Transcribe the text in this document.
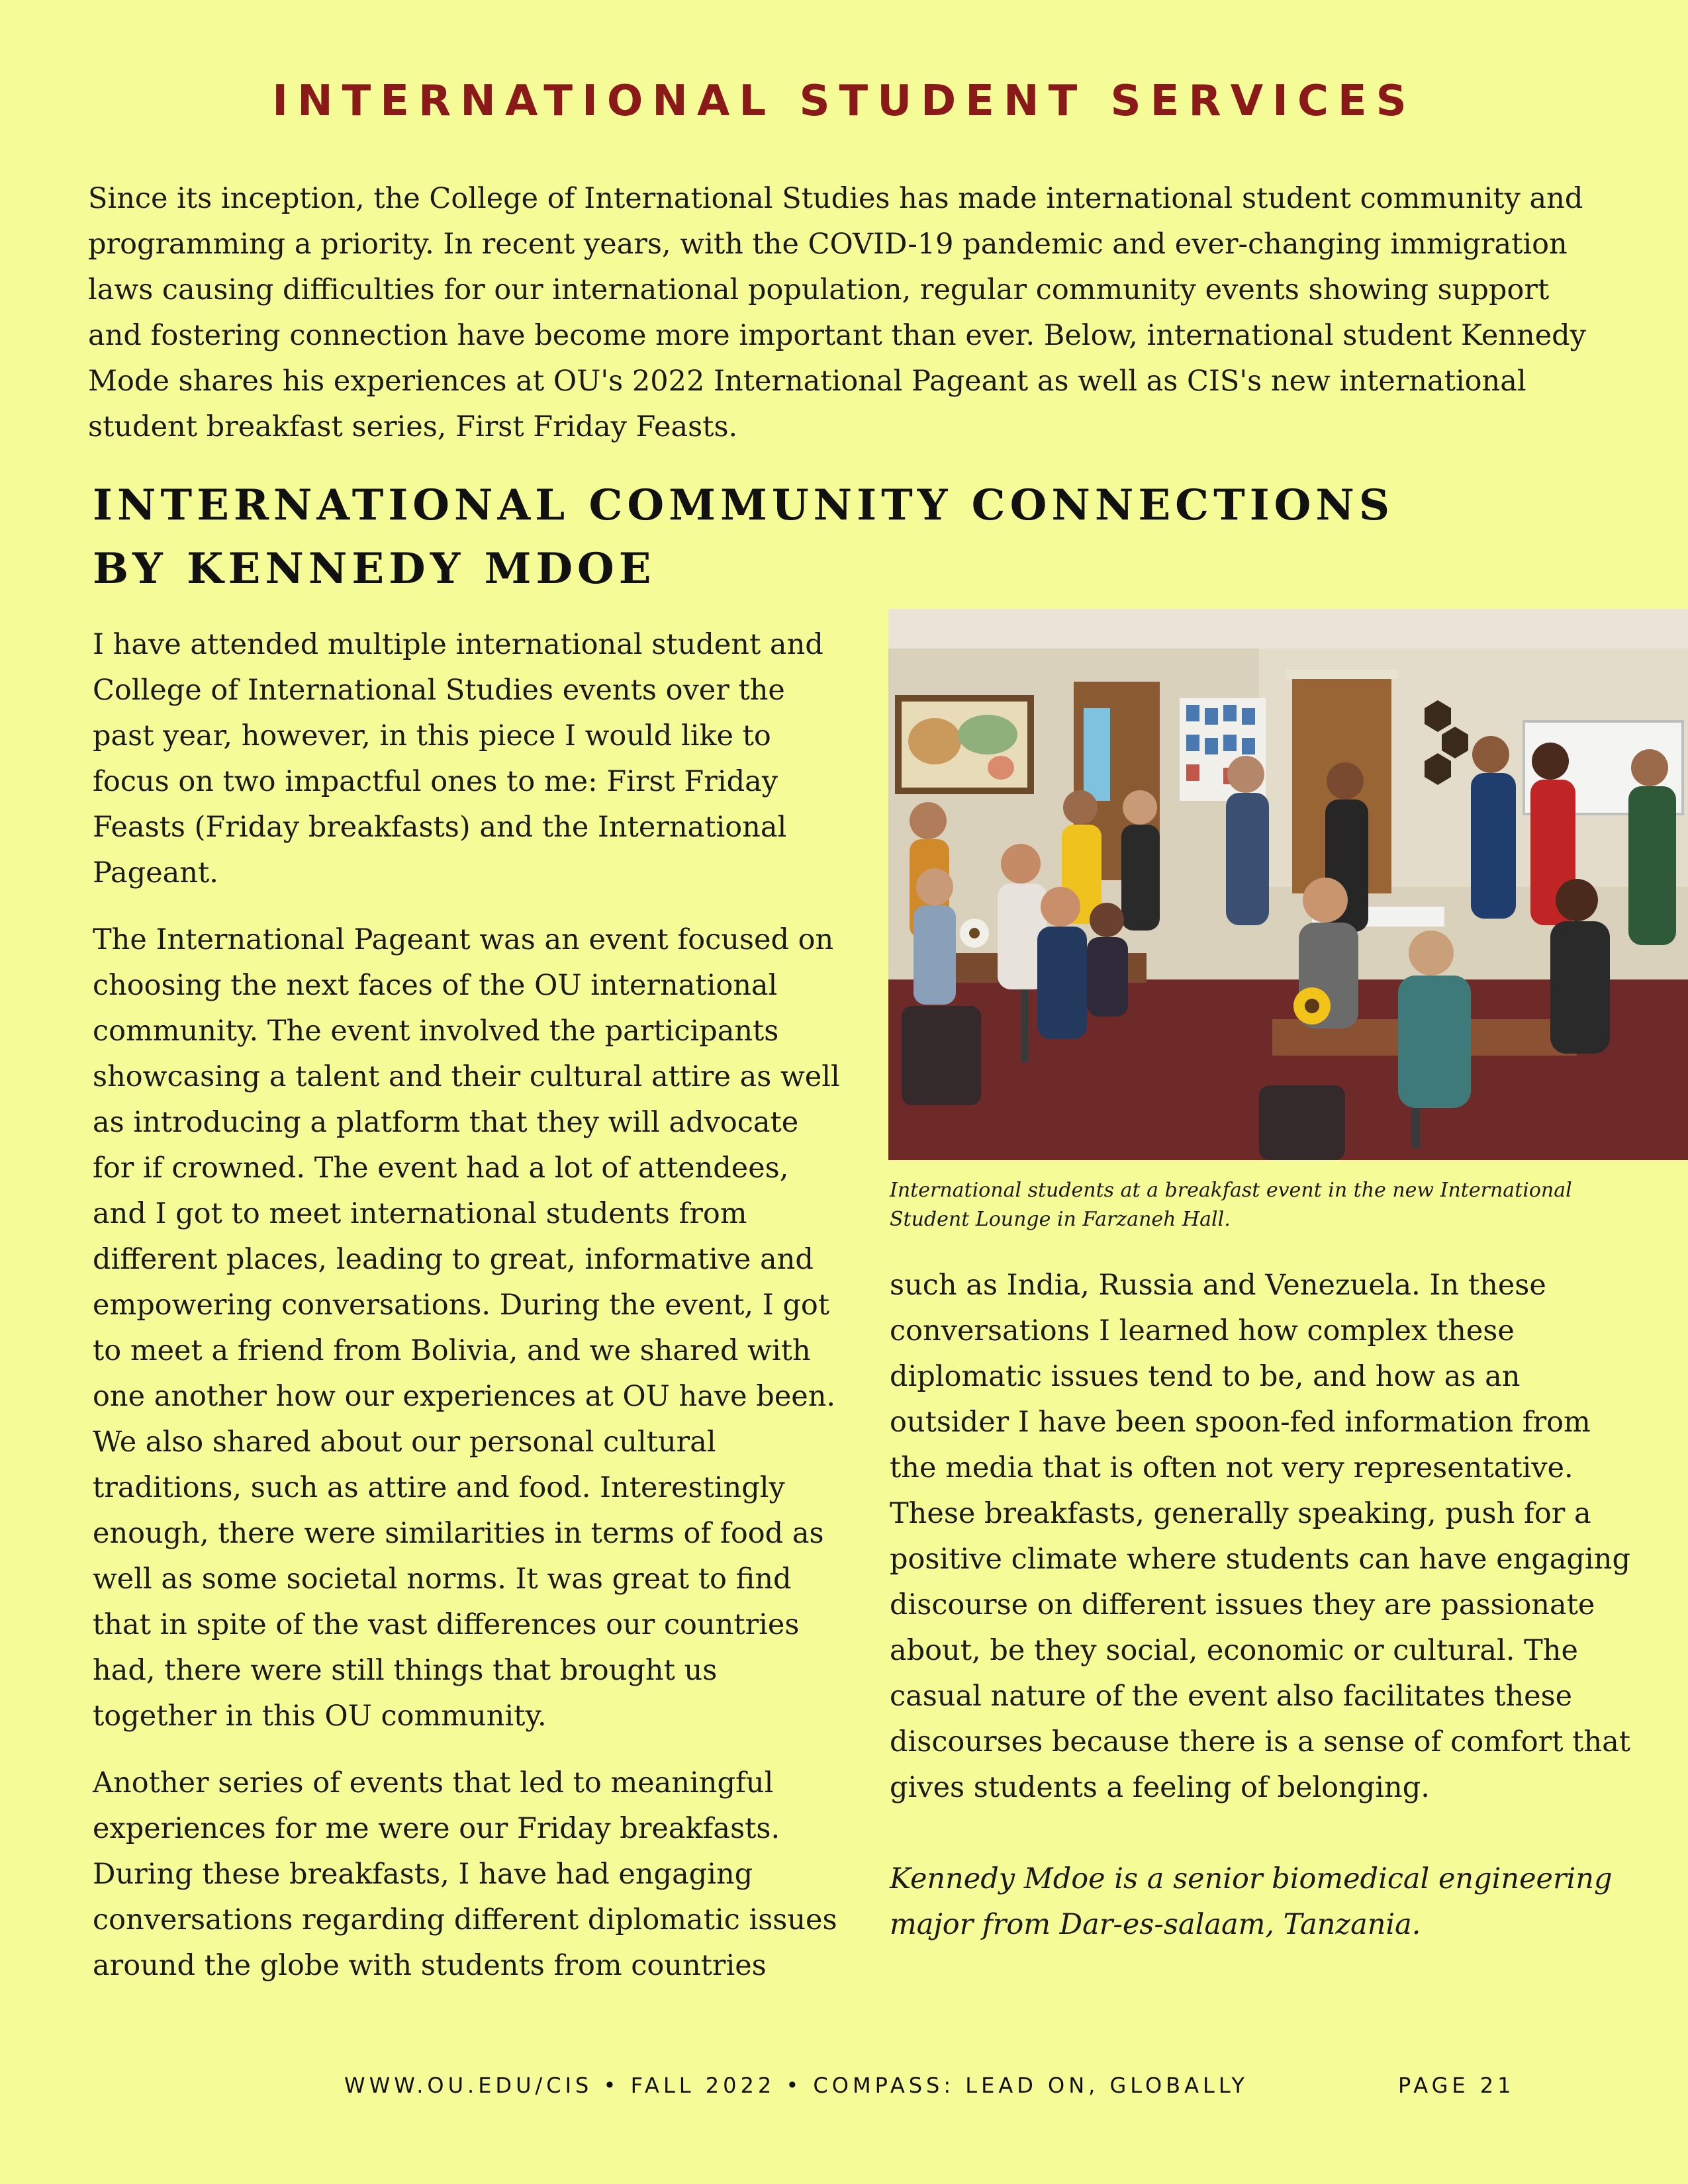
INTERNATIONAL STUDENT SERVICES
Since its inception, the College of International Studies has made international student community and programming a priority. In recent years, with the COVID-19 pandemic and ever-changing immigration laws causing difficulties for our international population, regular community events showing support and fostering connection have become more important than ever. Below, international student Kennedy Mode shares his experiences at OU's 2022 International Pageant as well as CIS's new international student breakfast series, First Friday Feasts.
INTERNATIONAL COMMUNITY CONNECTIONS
BY KENNEDY MDOE

I have attended multiple international student and College of International Studies events over the past year, however, in this piece I would like to focus on two impactful ones to me: First Friday Feasts (Friday breakfasts) and the International Pageant.

The International Pageant was an event focused on choosing the next faces of the OU international community. The event involved the participants showcasing a talent and their cultural attire as well as introducing a platform that they will advocate for if crowned. The event had a lot of attendees, and I got to meet international students from different places, leading to great, informative and empowering conversations. During the event, I got to meet a friend from Bolivia, and we shared with one another how our experiences at OU have been. We also shared about our personal cultural traditions, such as attire and food. Interestingly enough, there were similarities in terms of food as well as some societal norms. It was great to find that in spite of the vast differences our countries had, there were still things that brought us together in this OU community.

Another series of events that led to meaningful experiences for me were our Friday breakfasts. During these breakfasts, I have had engaging conversations regarding different diplomatic issues around the globe with students from countries

International students at a breakfast event in the new International Student Lounge in Farzaneh Hall.

such as India, Russia and Venezuela. In these conversations I learned how complex these diplomatic issues tend to be, and how as an outsider I have been spoon-fed information from the media that is often not very representative. These breakfasts, generally speaking, push for a positive climate where students can have engaging discourse on different issues they are passionate about, be they social, economic or cultural. The casual nature of the event also facilitates these discourses because there is a sense of comfort that gives students a feeling of belonging.

Kennedy Mdoe is a senior biomedical engineering major from Dar-es-salaam, Tanzania.

WWW.OU.EDU/CIS • FALL 2022 • COMPASS: LEAD ON, GLOBALLY	PAGE 21
